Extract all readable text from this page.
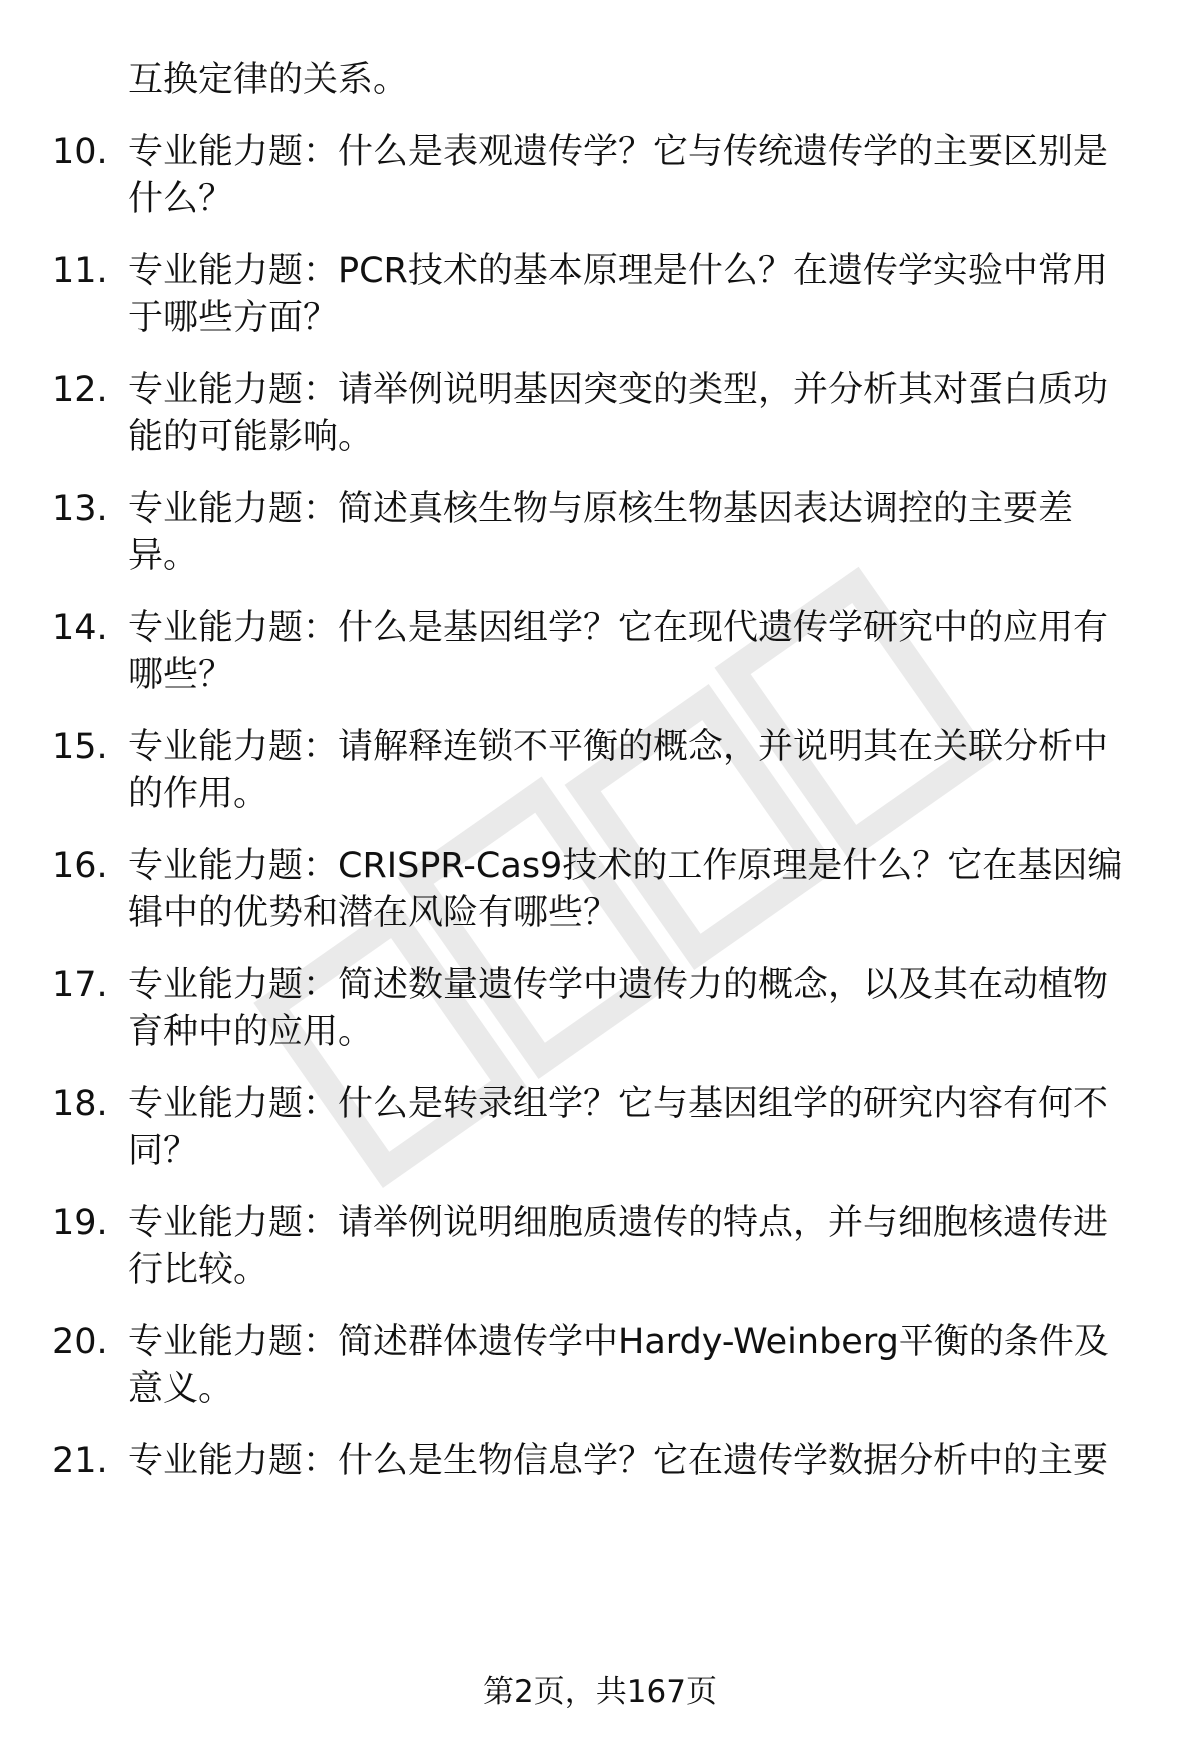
互换定律的关系。
10. 专业能力题：什么是表观遗传学？它与传统遗传学的主要区别是
什么？
11. 专业能力题：PCR技术的基本原理是什么？在遗传学实验中常用
于哪些方面？
12. 专业能力题：请举例说明基因突变的类型，并分析其对蛋白质功
能的可能影响。
13. 专业能力题：简述真核生物与原核生物基因表达调控的主要差
异。
14. 专业能力题：什么是基因组学？它在现代遗传学研究中的应用有
哪些？
15. 专业能力题：请解释连锁不平衡的概念，并说明其在关联分析中
的作用。
16. 专业能力题：CRISPR-Cas9技术的工作原理是什么？它在基因编
辑中的优势和潜在风险有哪些？
17. 专业能力题：简述数量遗传学中遗传力的概念，以及其在动植物
育种中的应用。
18. 专业能力题：什么是转录组学？它与基因组学的研究内容有何不
同？
19. 专业能力题：请举例说明细胞质遗传的特点，并与细胞核遗传进
行比较。
20. 专业能力题：简述群体遗传学中Hardy-Weinberg平衡的条件及
意义。
21. 专业能力题：什么是生物信息学？它在遗传学数据分析中的主要
第2页，共167页
